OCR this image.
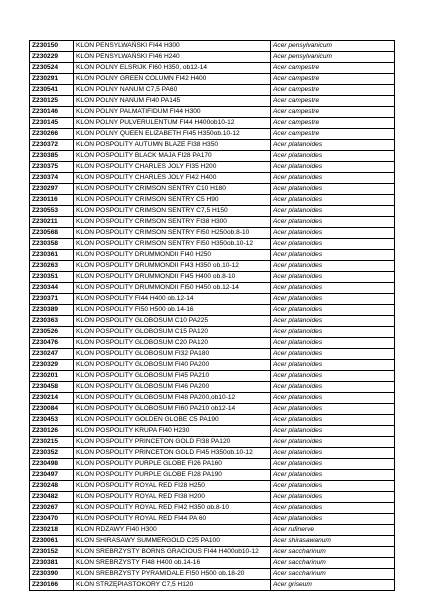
Z230150	KLON PENSYLWAŃSKI FI44 H300	Acer pensylvanicum
Z230229	KLON PENSYLWAŃSKI FI46 H240	Acer pensylvanicum
Z230524	KLON POLNY ELSRIJK FI60 H350, ob12-14	Acer campestre
Z230291	KLON POLNY GREEN COLUMN FI42 H400	Acer campestre
Z230541	KLON POLNY NANUM C7,5 PA60	Acer campestre
Z230125	KLON POLNY NANUM FI40 PA145	Acer campestre
Z230146	KLON POLNY PALMATIFIDUM FI44 H300	Acer campestre
Z230145	KLON POLNY PULVERULENTUM FI44 H400ob10-12	Acer campestre
Z230266	KLON POLNY QUEEN ELIZABETH FI45 H350ob.10-12	Acer campestre
Z230372	KLON POSPOLITY AUTUMN BLAZE FI38 H350	Acer platanoides
Z230385	KLON POSPOLITY BLACK MAJA FI28 PA170	Acer platanoides
Z230375	KLON POSPOLITY CHARLES JOLY FI35 H200	Acer platanoides
Z230374	KLON POSPOLITY CHARLES JOLY FI42 H400	Acer platanoides
Z230297	KLON POSPOLITY CRIMSON SENTRY C10 H180	Acer platanoides
Z230116	KLON POSPOLITY CRIMSON SENTRY C5 H90	Acer platanoides
Z230553	KLON POSPOLITY CRIMSON SENTRY C7,5 H150	Acer platanoides
Z230211	KLON POSPOLITY CRIMSON SENTRY FI38 H300	Acer platanoides
Z230568	KLON POSPOLITY CRIMSON SENTRY FI50 H250ob.8-10	Acer platanoides
Z230358	KLON POSPOLITY CRIMSON SENTRY FI50 H350ob.10-12	Acer platanoides
Z230361	KLON POSPOLITY DRUMMONDII FI40 H250	Acer platanoides
Z230263	KLON POSPOLITY DRUMMONDII FI43 H350 ob.10-12	Acer platanoides
Z230351	KLON POSPOLITY DRUMMONDII FI45 H400 ob.8-10	Acer platanoides
Z230344	KLON POSPOLITY DRUMMONDII FI50 H450 ob.12-14	Acer platanoides
Z230371	KLON POSPOLITY FI44 H400 ob.12-14	Acer platanoides
Z230389	KLON POSPOLITY FI50 H500 ob.14-16	Acer platanoides
Z230363	KLON POSPOLITY GLOBOSUM C10 PA225	Acer platanoides
Z230526	KLON POSPOLITY GLOBOSUM C15 PA120	Acer platanoides
Z230476	KLON POSPOLITY GLOBOSUM C20 PA120	Acer platanoides
Z230247	KLON POSPOLITY GLOBOSUM FI32 PA180	Acer platanoides
Z230329	KLON POSPOLITY GLOBOSUM FI40 PA200	Acer platanoides
Z230201	KLON POSPOLITY GLOBOSUM FI45 PA210	Acer platanoides
Z230458	KLON POSPOLITY GLOBOSUM FI46 PA200	Acer platanoides
Z230214	KLON POSPOLITY GLOBOSUM FI48 PA200,ob10-12	Acer platanoides
Z230084	KLON POSPOLITY GLOBOSUM FI60 PA210 ob12-14	Acer platanoides
Z230453	KLON POSPOLITY GOLDEN GLOBE C5 PA190	Acer platanoides
Z230126	KLON POSPOLITY KRUPA FI40 H230	Acer platanoides
Z230215	KLON POSPOLITY PRINCETON GOLD FI38 PA120	Acer platanoides
Z230352	KLON POSPOLITY PRINCETON GOLD FI45 H350ob.10-12	Acer platanoides
Z230498	KLON POSPOLITY PURPLE GLOBE FI26 PA160	Acer platanoides
Z230497	KLON POSPOLITY PURPLE GLOBE FI28 PA190	Acer platanoides
Z230248	KLON POSPOLITY ROYAL RED FI28 H250	Acer platanoides
Z230482	KLON POSPOLITY ROYAL RED FI38 H200	Acer platanoides
Z230267	KLON POSPOLITY ROYAL RED FI42 H350 ob.8-10	Acer platanoides
Z230470	KLON POSPOLITY ROYAL RED FI44 PA 60	Acer platanoides
Z230218	KLON RDZAWY FI40 H300	Acer rufinerve
Z230061	KLON SHIRASAWY SUMMERGOLD C25 PA100	Acer shirasawanum
Z230152	KLON SREBRZYSTY BORNS GRACIOUS FI44 H400ob10-12	Acer saccharinum
Z230381	KLON SREBRZYSTY FI48 H400 ob.14-16	Acer saccharinum
Z230390	KLON SREBRZYSTY PYRAMIDALE FI50 H500 ob.18-20	Acer saccharinum
Z230166	KLON STRZĘPIASTOKORY C7,5 H120	Acer griseum
